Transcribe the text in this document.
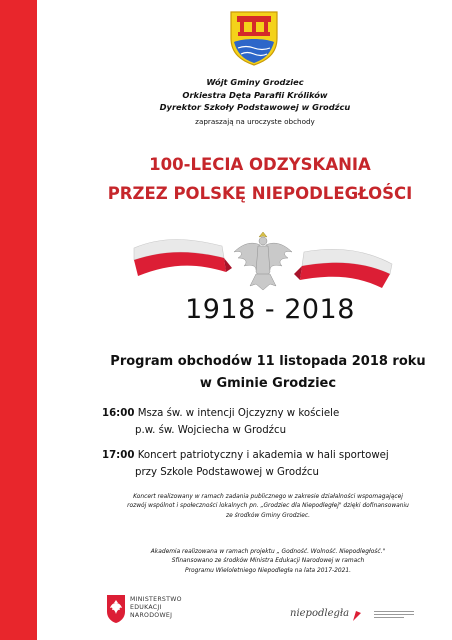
Wójt Gminy Grodziec
Orkiestra Dęta Parafii Królików
Dyrektor Szkoły Podstawowej w Grodźcu
zapraszają na uroczyste obchody
100-LECIA ODZYSKANIA
PRZEZ POLSKĘ NIEPODLEGŁOŚCI
1918 - 2018
Program obchodów 11 listopada 2018 roku
w Gminie Grodziec
16:00 Msza św. w intencji Ojczyzny w kościele
p.w. św. Wojciecha w Grodźcu
17:00 Koncert patriotyczny i akademia w hali sportowej
przy Szkole Podstawowej w Grodźcu
Koncert realizowany w ramach zadania publicznego w zakresie działalności wspomagającej
rozwój wspólnot i społeczności lokalnych pn. „Grodziec dla Niepodległej" dzięki dofinansowaniu
ze środków Gminy Grodziec.
Akademia realizowana w ramach projektu „ Godność. Wolność. Niepodległość."
Sfinansowano ze środków Ministra Edukacji Narodowej w ramach
Programu Wieloletniego Niepodległa na lata 2017-2021.
MINISTERSTWO
EDUKACJI
NARODOWEJ	niepodległa
